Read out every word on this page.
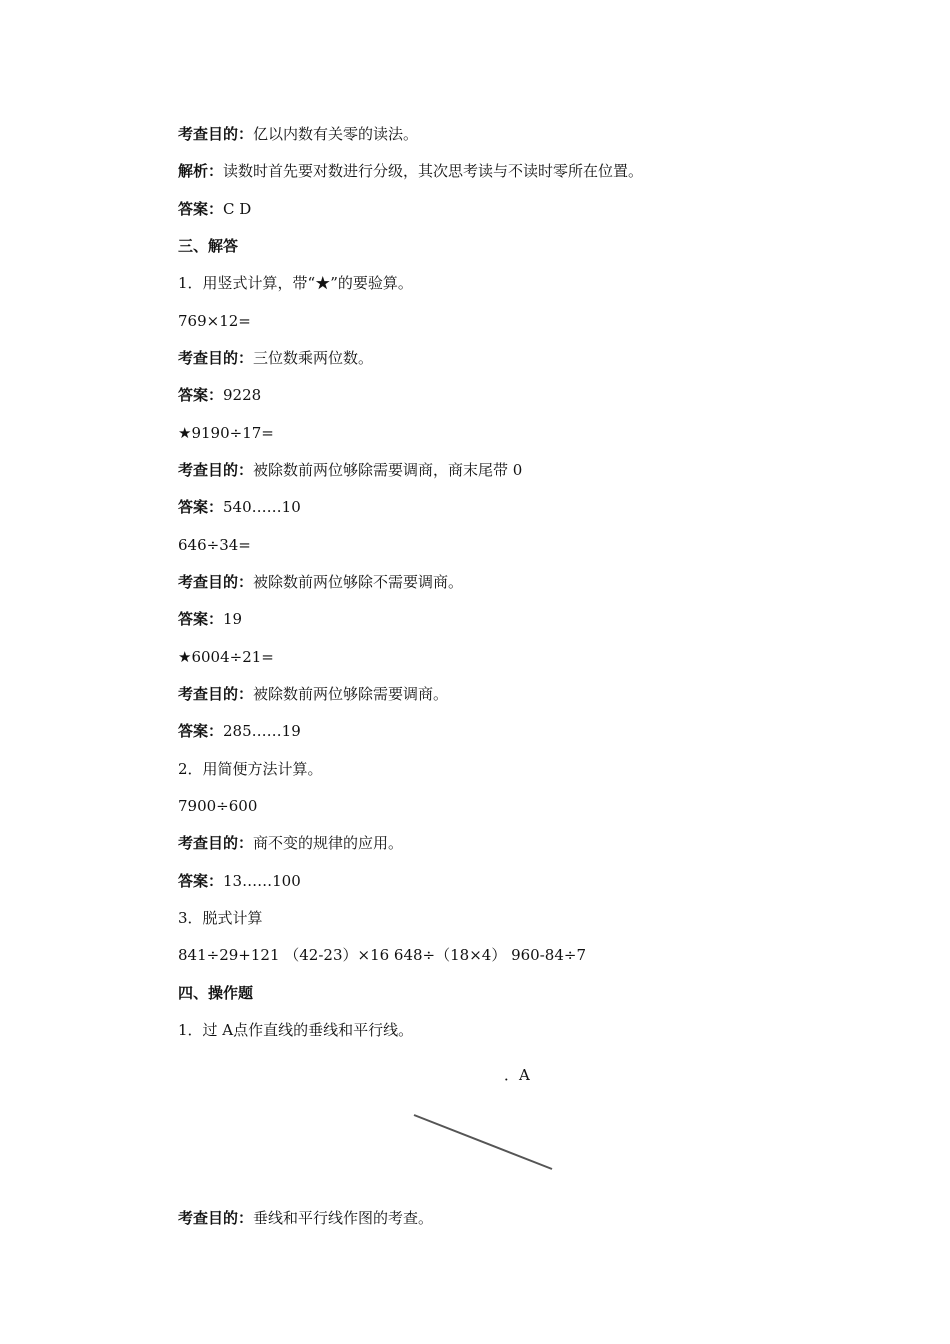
考查目的：亿以内数有关零的读法。
解析：读数时首先要对数进行分级，其次思考读与不读时零所在位置。
答案：C D
三、解答
1．用竖式计算，带“★”的要验算。
769×12=
考查目的：三位数乘两位数。
答案：9228
★9190÷17=
考查目的：被除数前两位够除需要调商，商末尾带 0
答案：540……10
646÷34=
考查目的：被除数前两位够除不需要调商。
答案：19
★6004÷21=
考查目的：被除数前两位够除需要调商。
答案：285……19
2．用简便方法计算。
7900÷600
考查目的：商不变的规律的应用。
答案：13……100
3．脱式计算
841÷29+121 （42-23）×16 648÷（18×4） 960-84÷7
四、操作题
1．过 A点作直线的垂线和平行线。
．A
考查目的：垂线和平行线作图的考查。
